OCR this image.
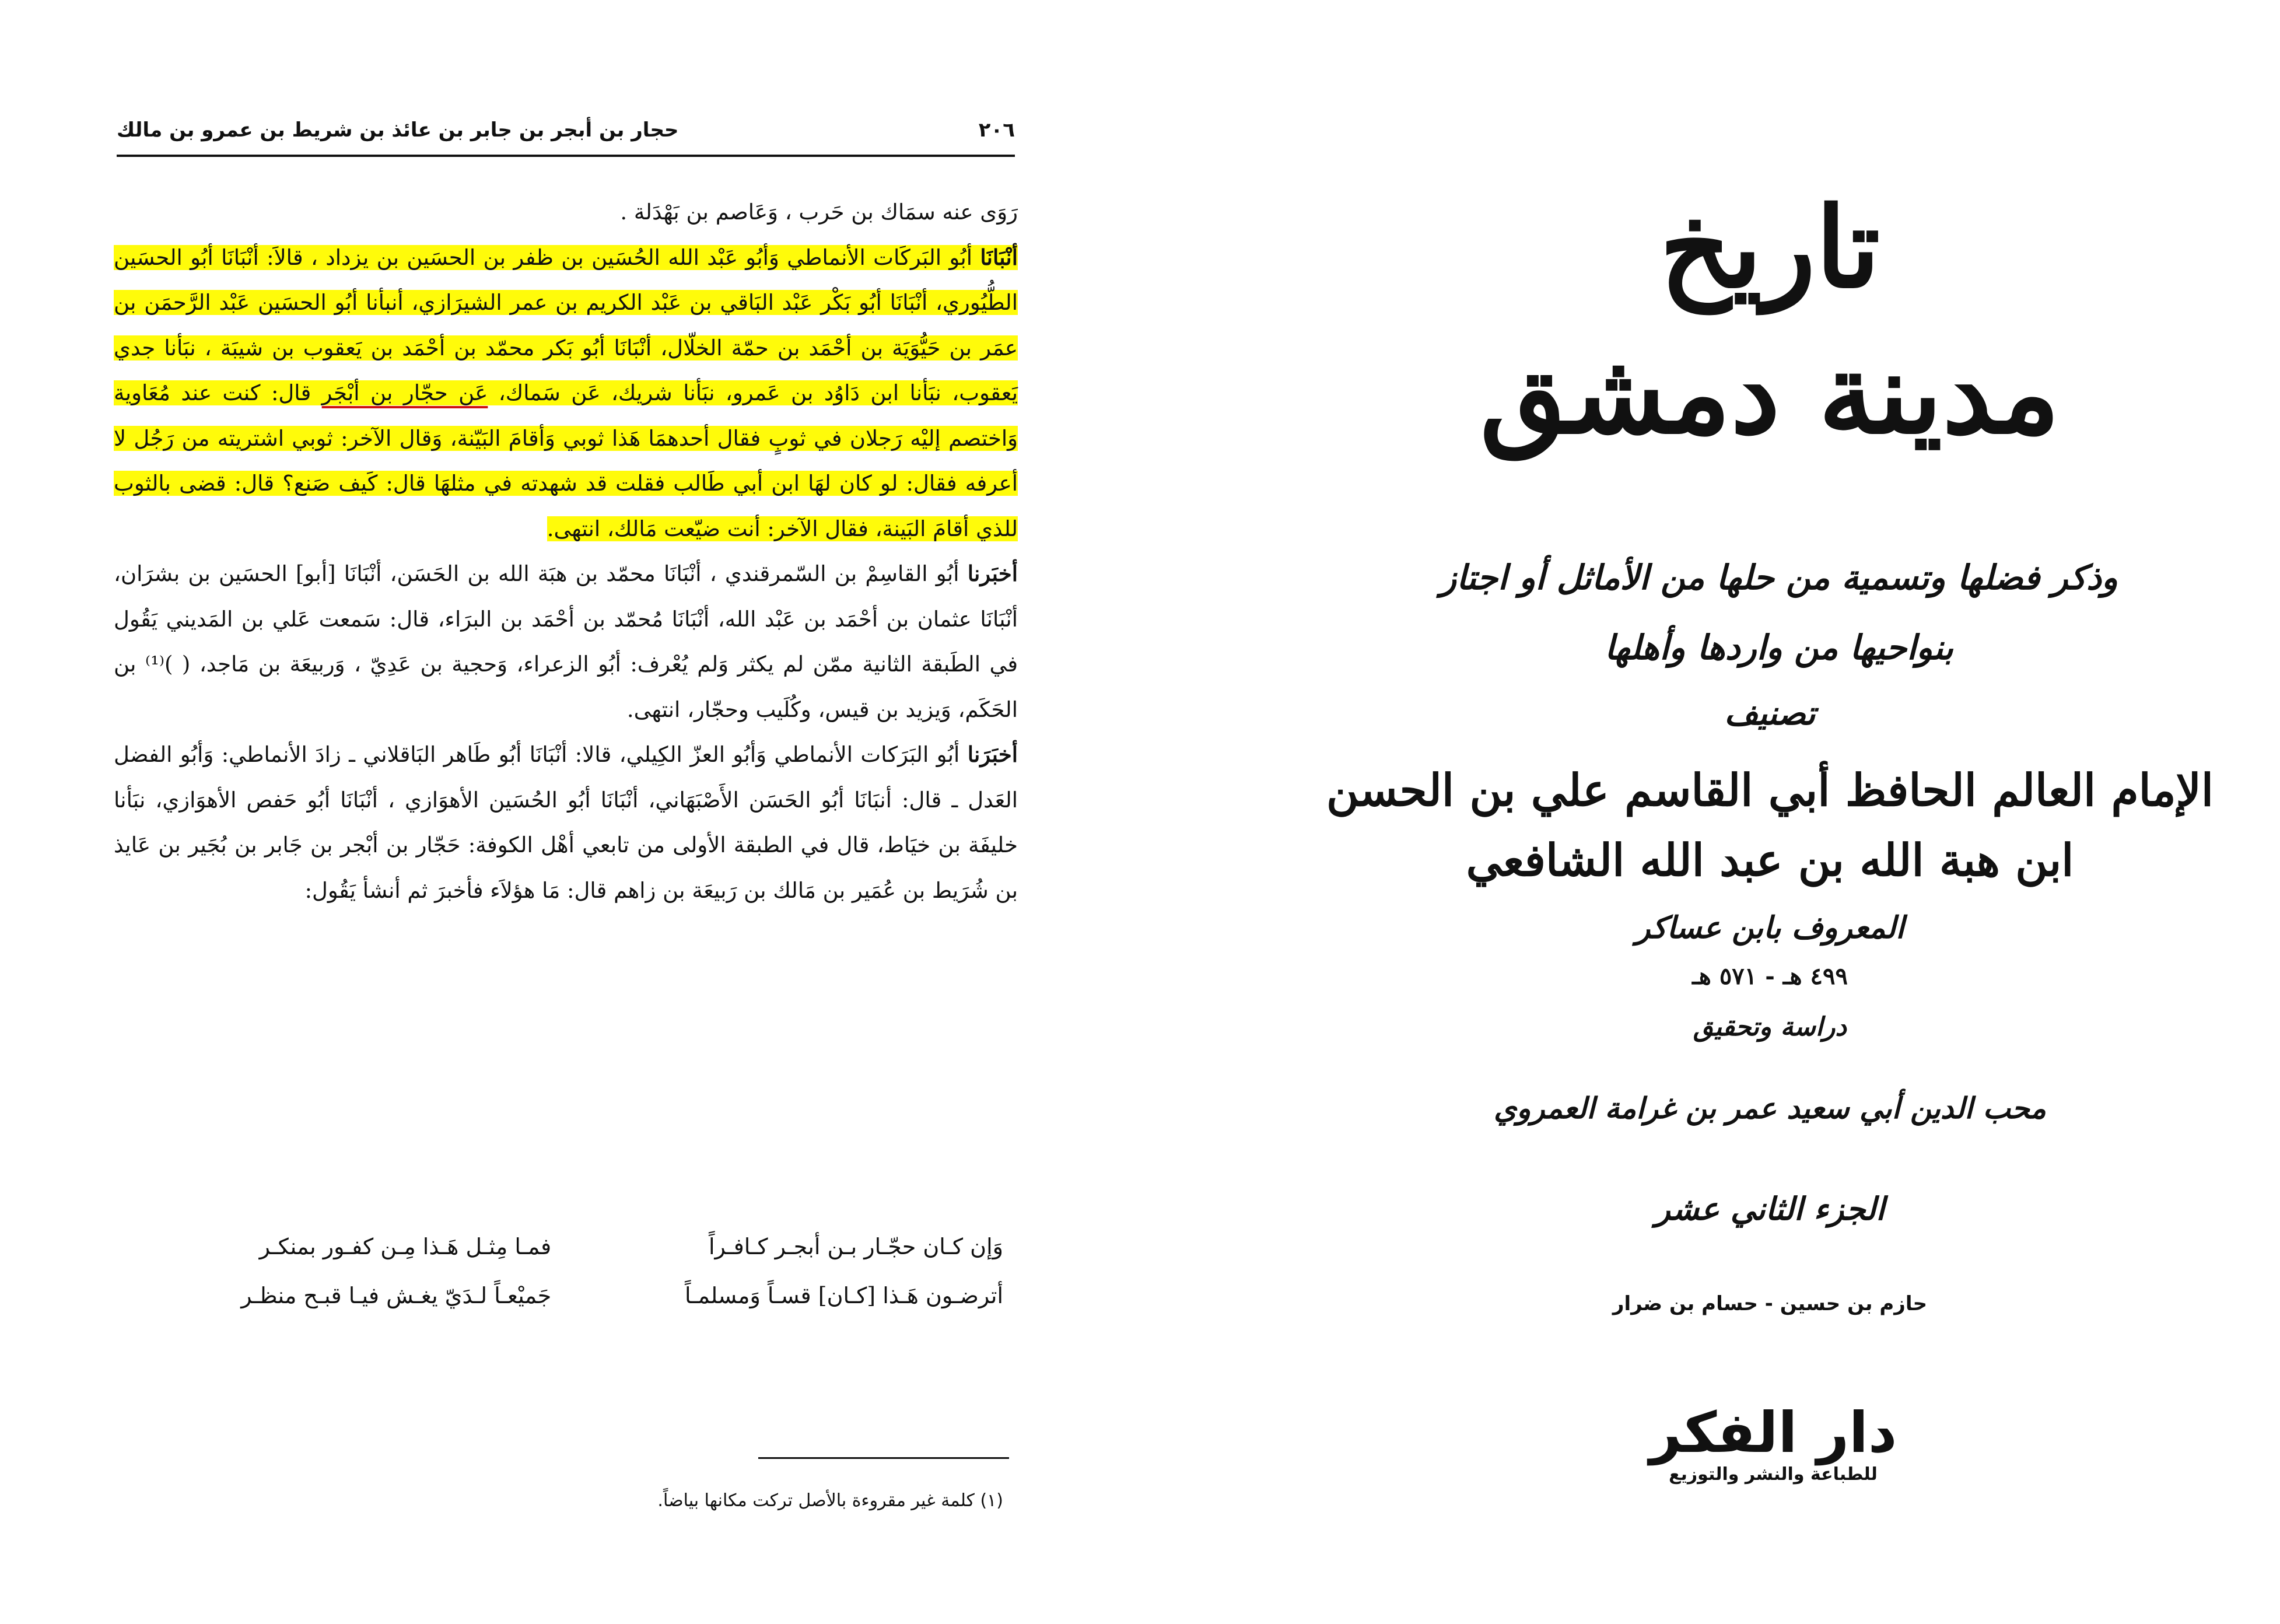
٢٠٦
حجار بن أبجر بن جابر بن عائذ بن شريط بن عمرو بن مالك

رَوَى عنه سمَاك بن حَرب ، وَعَاصم بن بَهْدَلة .

أنْبَانَا أبُو البَركَات الأنماطي وَأبُو عَبْد الله الحُسَين بن ظفر بن الحسَين بن يزداد ، قالاَ: أنْبَانَا أبُو الحسَين الطُّيُوري، أنْبَانَا أبُو بَكْر عَبْد البَاقي بن عَبْد الكريم بن عمر الشيرَازي، أنبأنا أبُو الحسَين عَبْد الرَّحمَن بن عمَر بن حَيُّوَيَة بن أحْمَد بن حمّة الخلّال، أنْبَانَا أبُو بَكر محمّد بن أحْمَد بن يَعقوب بن شيبَة ، نبَأنا جدي يَعقوب، نبَأنا ابن دَاوُد بن عَمرو، نبَأنا شريك، عَن سَماك، عَن حجّار بن أبْجَر قال: كنت عند مُعَاوية وَاختصم إليْه رَجلان في ثوبٍ فقال أحدهمَا هَذا ثوبي وَأقامَ البَيّنة، وَقال الآخر: ثوبي اشتريته من رَجُل لا أعرفه فقال: لو كان لهَا ابن أبي طَالب فقلت قد شهدته في مثلهَا قال: كَيف صَنع؟ قال: قضى بالثوب للذي أقامَ البَينة، فقال الآخر: أنت ضيّعت مَالك، انتهى.

أخبَرنا أبُو القاسِمْ بن السّمرقندي ، أنْبَانَا محمّد بن هبَة الله بن الحَسَن، أنْبَانَا [أبو] الحسَين بن بشرَان، أنْبَانَا عثمان بن أحْمَد بن عَبْد الله، أنْبَانَا مُحمّد بن أحْمَد بن البرَاء، قال: سَمعت عَلي بن المَديني يَقُول في الطَبقة الثانية ممّن لم يكثر وَلم يُعْرف: أبُو الزعراء، وَحجية بن عَدِيّ ، وَربيعَة بن مَاجد، ( )⁽¹⁾ بن الحَكَم، وَيزيد بن قيس، وكُلَيب وحجّار، انتهى.

أخبَرَنا أبُو البَرَكات الأنماطي وَأبُو العزّ الكِيلي، قالا: أنْبَانَا أبُو طَاهر البَاقلاني ـ زادَ الأنماطي: وَأبُو الفضل العَدل ـ قال: أنبَانَا أبُو الحَسَن الأَصْبَهَاني، أنْبَانَا أبُو الحُسَين الأهوَازي ، أنْبَانَا أبُو حَفص الأهوَازي، نبَأنا خليفَة بن خيَاط، قال في الطبقة الأولى من تابعي أهْل الكوفة: حَجّار بن أبْجر بن جَابر بن بُجَير بن عَايذ بن شُرَيط بن عُمَير بن مَالك بن رَبيعَة بن زاهم قال: مَا هؤلاَء فأخبرَ ثم أنشأ يَقُول:

وَإن كـان حجّـار بـن أبجـر كـافـراً
فمـا مِثـل هَـذا مِـن كفـور بمنكـر
أترضـون هَـذا [كـان] قسـاً وَمسلمـاً
جَميْعـاً لـدَيّ يغـش فيـا قبـح منظـر
(١) كلمة غير مقروءة بالأصل تركت مكانها بياضاً.
تاريخ
مدينة دمشق
وذكر فضلها وتسمية من حلها من الأماثل أو اجتاز
بنواحيها من واردها وأهلها
تصنيف
الإمام العالم الحافظ أبي القاسم علي بن الحسن
ابن هبة الله بن عبد الله الشافعي
المعروف بابن عساكر
٤٩٩ هـ - ٥٧١ هـ
دراسة وتحقيق
محب الدين أبي سعيد عمر بن غرامة العمروي
الجزء الثاني عشر
حازم بن حسين - حسام بن ضرار
دار الفكر
للطباعة والنشر والتوزيع
